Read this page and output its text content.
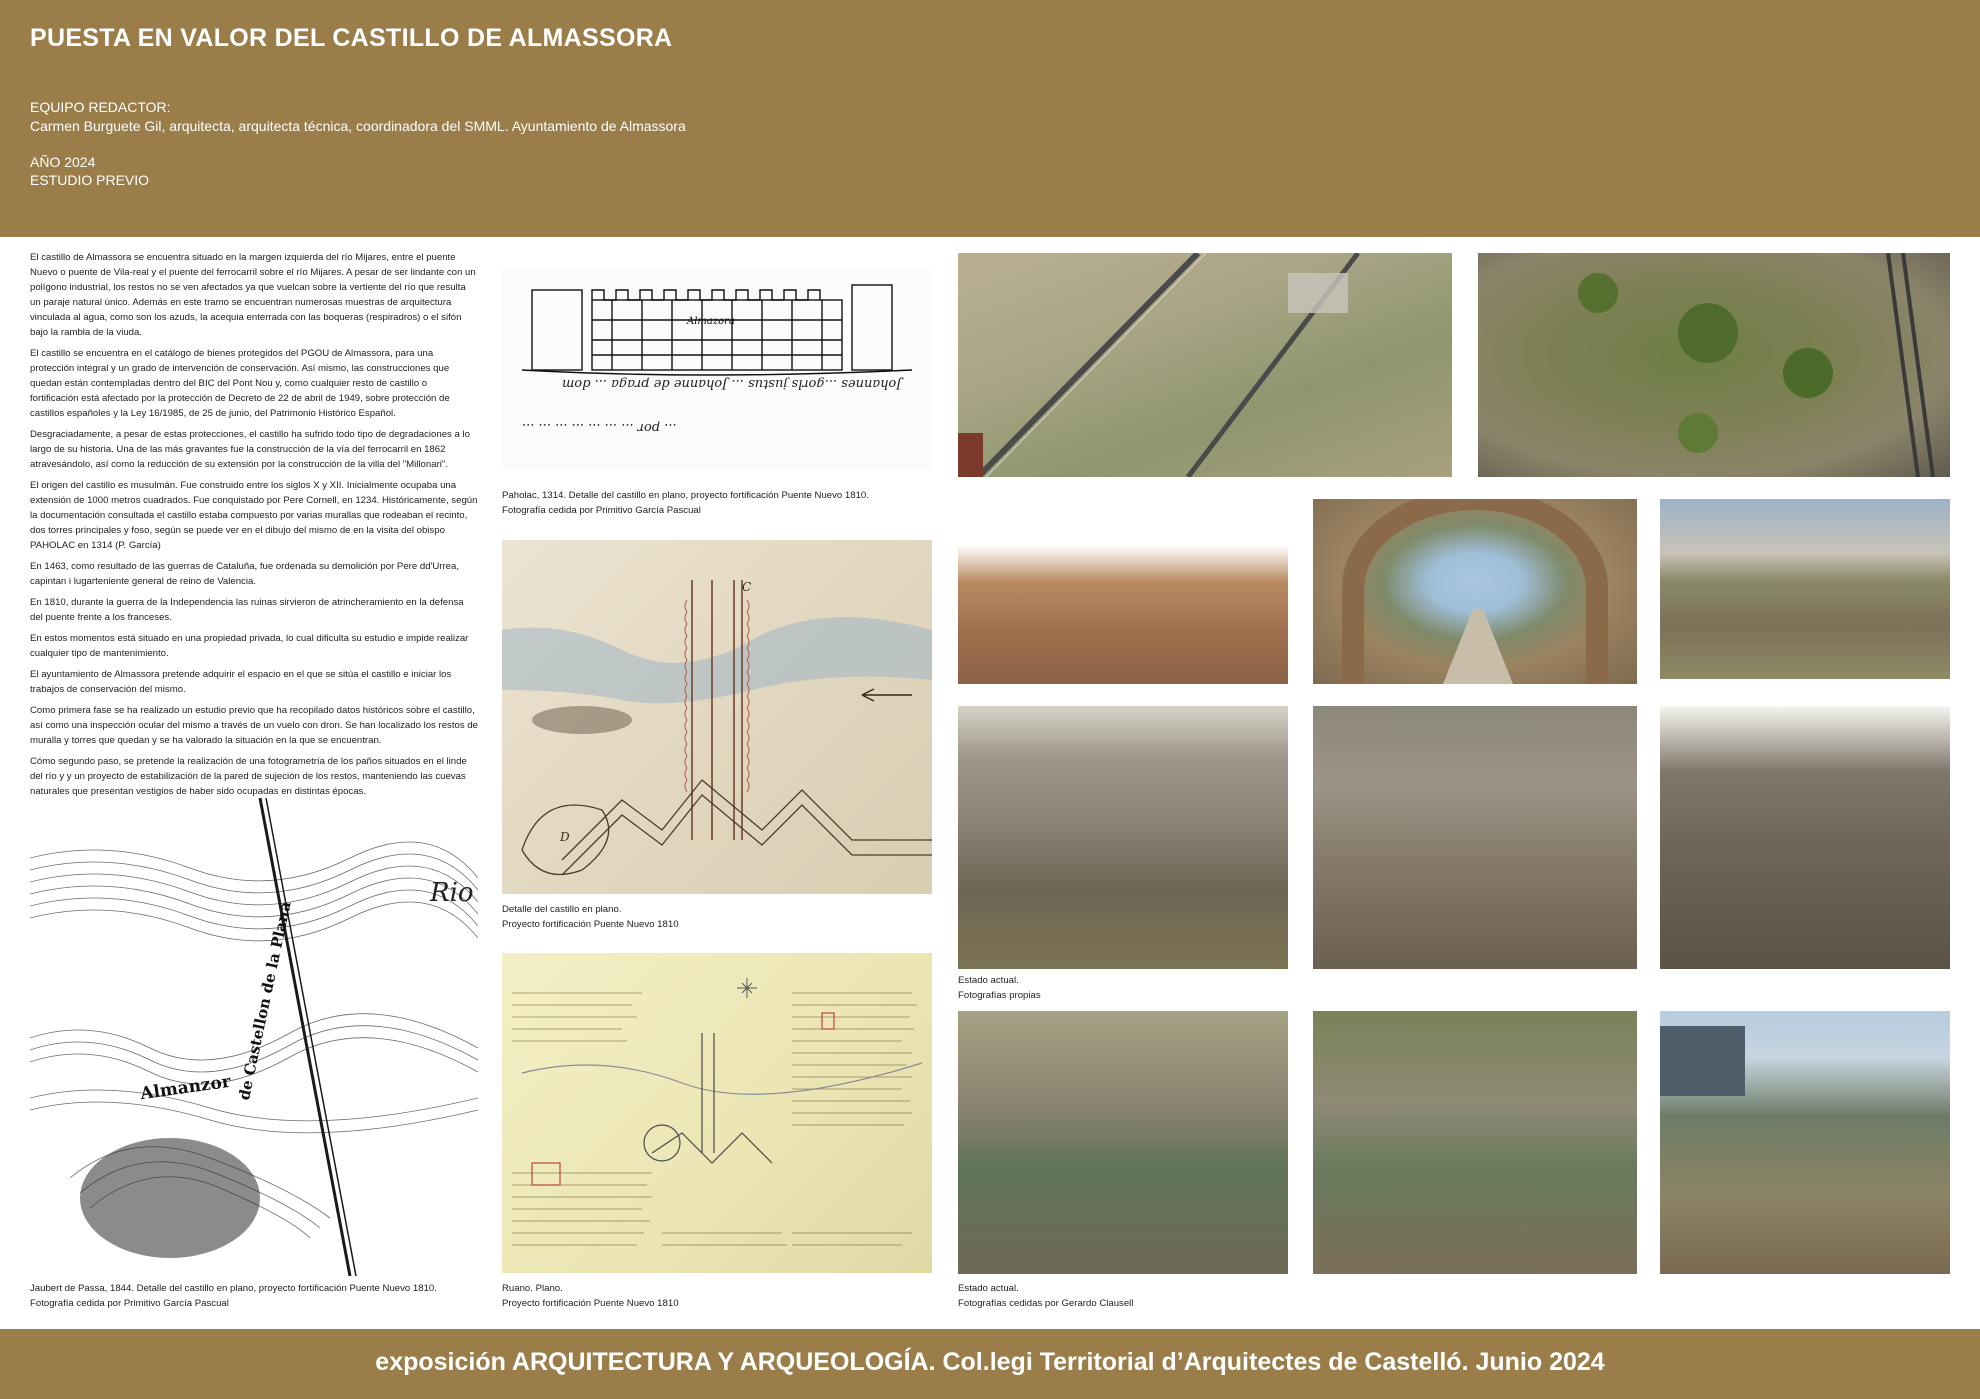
PUESTA EN VALOR DEL CASTILLO DE ALMASSORA
EQUIPO REDACTOR:
Carmen Burguete Gil, arquitecta, arquitecta técnica, coordinadora del SMML. Ayuntamiento de Almassora
AÑO 2024
ESTUDIO PREVIO

El castillo de Almassora se encuentra situado en la margen izquierda del río Mijares, entre el puente Nuevo o puente de Vila-real y el puente del ferrocarril sobre el río Mijares. A pesar de ser lindante con un polígono industrial, los restos no se ven afectados ya que vuelcan sobre la vertiente del río que resulta un paraje natural único. Además en este tramo se encuentran numerosas muestras de arquitectura vinculada al agua, como son los azuds, la acequia enterrada con las boqueras (respiradros) o el sifón bajo la rambla de la viuda.

El castillo se encuentra en el catálogo de bienes protegidos del PGOU de Almassora, para una protección integral y un grado de intervención de conservación. Así mismo, las construcciones que quedan están contempladas dentro del BIC del Pont Nou y, como cualquier resto de castillo o fortificación está afectado por la protección de Decreto de 22 de abril de 1949, sobre protección de castillos españoles y la Ley 16/1985, de 25 de junio, del Patrimonio Histórico Español.

Desgraciadamente, a pesar de estas protecciones, el castillo ha sufrido todo tipo de degradaciones a lo largo de su historia. Una de las más gravantes fue la construcción de la vía del ferrocarril en 1862 atravesándolo, así como la reducción de su extensión por la construcción de la villa del "Millonari".

El origen del castillo es musulmán. Fue construido entre los siglos X y XII. Inicialmente ocupaba una extensión de 1000 metros cuadrados. Fue conquistado por Pere Cornell, en 1234. Históricamente, según la documentación consultada el castillo estaba compuesto por varias murallas que rodeaban el recinto, dos torres principales y foso, según se puede ver en el dibujo del mismo de en la visita del obispo PAHOLAC en 1314 (P. García)

En 1463, como resultado de las guerras de Cataluña, fue ordenada su demolición por Pere dd'Urrea, capintan i lugarteniente general de reino de Valencia.

En 1810, durante la guerra de la Independencia las ruinas sirvieron de atrincheramiento en la defensa del puente frente a los franceses.

En estos momentos está situado en una propiedad privada, lo cual dificulta su estudio e impide realizar cualquier tipo de mantenimiento.

El ayuntamiento de Almassora pretende adquirir el espacio en el que se sitúa el castillo e iniciar los trabajos de conservación del mismo.

Como primera fase se ha realizado un estudio previo que ha recopilado datos históricos sobre el castillo, así como una inspección ocular del mismo a través de un vuelo con dron. Se han localizado los restos de muralla y torres que quedan y se ha valorado la situación en la que se encuentran.

Cómo segundo paso, se pretende la realización de una fotogrametría de los paños situados en el linde del río y y un proyecto de estabilización de la pared de sujeción de los restos, manteniendo las cuevas naturales que presentan vestigios de haber sido ocupadas en distintas épocas.

Rio
Almanzor de Castellon de la Plana
Jaubert de Passa, 1844. Detalle del castillo en plano, proyecto fortificación Puente Nuevo 1810.
Fotografía cedida por Primitivo García Pascual
Almazora
Johannes ...gorls justus ... Johanne de praga ... dom
... por ... ... ... ... ... ... ...
Paholac, 1314. Detalle del castillo en plano, proyecto fortificación Puente Nuevo 1810.
Fotografía cedida por Primitivo García Pascual
D
C
Detalle del castillo en plano.
Proyecto fortificación Puente Nuevo 1810
Ruano. Plano.
Proyecto fortificación Puente Nuevo 1810
Estado actual.
Fotografías propias
Estado actual.
Fotografías cedidas por Gerardo Clausell
exposición ARQUITECTURA Y ARQUEOLOGÍA. Col.legi Territorial d’Arquitectes de Castelló. Junio 2024
